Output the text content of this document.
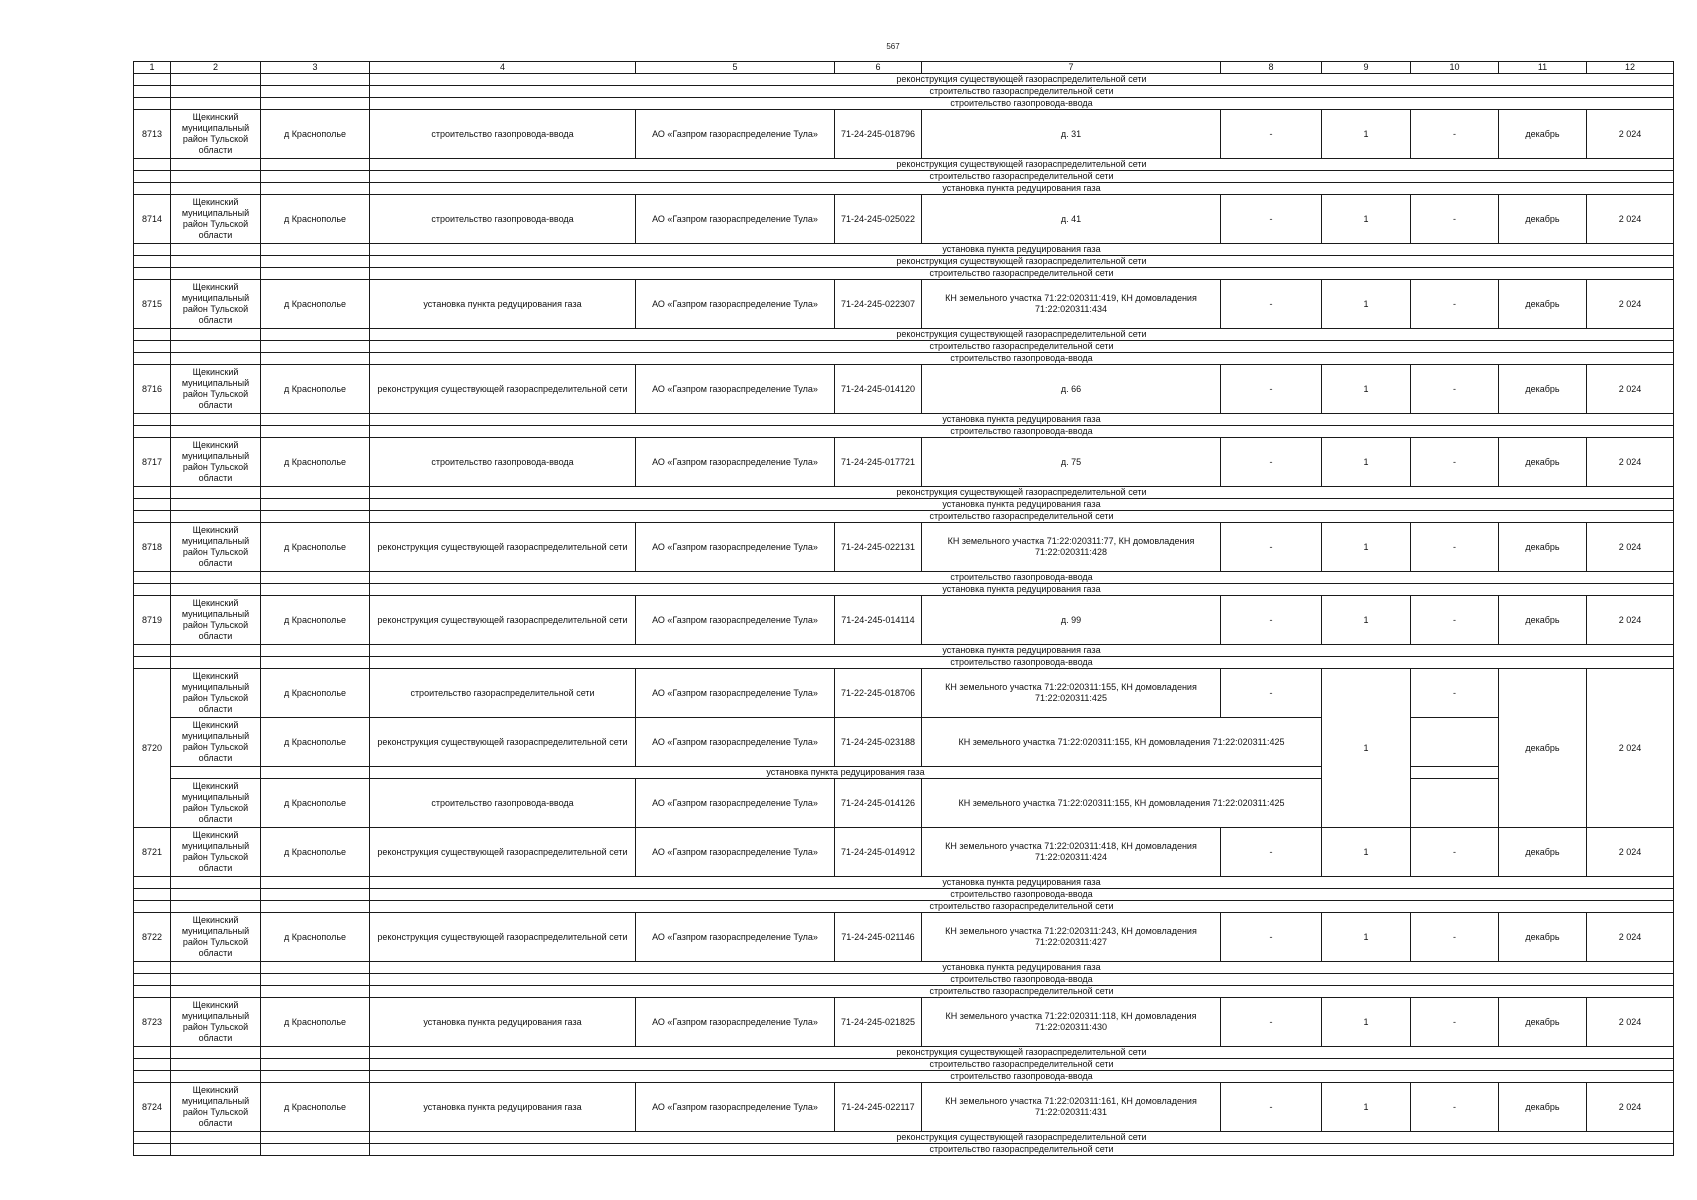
567
1	2	3	4	5	6	7	8	9	10	11	12
			реконструкция существующей газораспределительной сети								
			строительство газораспределительной сети								
			строительство газопровода-ввода								
8713	Щекинский муниципальный район Тульской области	д Краснополье	строительство газопровода-ввода	АО «Газпром газораспределение Тула»	71-24-245-018796	д. 31	-	1	-	декабрь	2 024
			реконструкция существующей газораспределительной сети								
			строительство газораспределительной сети								
			установка пункта редуцирования газа								
8714	Щекинский муниципальный район Тульской области	д Краснополье	строительство газопровода-ввода	АО «Газпром газораспределение Тула»	71-24-245-025022	д. 41	-	1	-	декабрь	2 024
			установка пункта редуцирования газа								
			реконструкция существующей газораспределительной сети								
			строительство газораспределительной сети								
8715	Щекинский муниципальный район Тульской области	д Краснополье	установка пункта редуцирования газа	АО «Газпром газораспределение Тула»	71-24-245-022307	КН земельного участка 71:22:020311:419, КН домовладения 71:22:020311:434	-	1	-	декабрь	2 024
			реконструкция существующей газораспределительной сети								
			строительство газораспределительной сети								
			строительство газопровода-ввода								
8716	Щекинский муниципальный район Тульской области	д Краснополье	реконструкция существующей газораспределительной сети	АО «Газпром газораспределение Тула»	71-24-245-014120	д. 66	-	1	-	декабрь	2 024
			установка пункта редуцирования газа								
			строительство газопровода-ввода								
8717	Щекинский муниципальный район Тульской области	д Краснополье	строительство газопровода-ввода	АО «Газпром газораспределение Тула»	71-24-245-017721	д. 75	-	1	-	декабрь	2 024
			реконструкция существующей газораспределительной сети								
			установка пункта редуцирования газа								
			строительство газораспределительной сети								
8718	Щекинский муниципальный район Тульской области	д Краснополье	реконструкция существующей газораспределительной сети	АО «Газпром газораспределение Тула»	71-24-245-022131	КН земельного участка 71:22:020311:77, КН домовладения 71:22:020311:428	-	1	-	декабрь	2 024
			строительство газопровода-ввода								
			установка пункта редуцирования газа								
8719	Щекинский муниципальный район Тульской области	д Краснополье	реконструкция существующей газораспределительной сети	АО «Газпром газораспределение Тула»	71-24-245-014114	д. 99	-	1	-	декабрь	2 024
			установка пункта редуцирования газа								
			строительство газопровода-ввода								
8720	Щекинский муниципальный район Тульской области	д Краснополье	строительство газораспределительной сети	АО «Газпром газораспределение Тула»	71-22-245-018706	КН земельного участка 71:22:020311:155, КН домовладения 71:22:020311:425	-	1	-	декабрь	2 024
	Щекинский муниципальный район Тульской области	д Краснополье	реконструкция существующей газораспределительной сети	АО «Газпром газораспределение Тула»	71-24-245-023188	КН земельного участка 71:22:020311:155, КН домовладения 71:22:020311:425					
			установка пункта редуцирования газа								
	Щекинский муниципальный район Тульской области	д Краснополье	строительство газопровода-ввода	АО «Газпром газораспределение Тула»	71-24-245-014126	КН земельного участка 71:22:020311:155, КН домовладения 71:22:020311:425					
8721	Щекинский муниципальный район Тульской области	д Краснополье	реконструкция существующей газораспределительной сети	АО «Газпром газораспределение Тула»	71-24-245-014912	КН земельного участка 71:22:020311:418, КН домовладения 71:22:020311:424	-	1	-	декабрь	2 024
			установка пункта редуцирования газа								
			строительство газопровода-ввода								
			строительство газораспределительной сети								
8722	Щекинский муниципальный район Тульской области	д Краснополье	реконструкция существующей газораспределительной сети	АО «Газпром газораспределение Тула»	71-24-245-021146	КН земельного участка 71:22:020311:243, КН домовладения 71:22:020311:427	-	1	-	декабрь	2 024
			установка пункта редуцирования газа								
			строительство газопровода-ввода								
			строительство газораспределительной сети								
8723	Щекинский муниципальный район Тульской области	д Краснополье	установка пункта редуцирования газа	АО «Газпром газораспределение Тула»	71-24-245-021825	КН земельного участка 71:22:020311:118, КН домовладения 71:22:020311:430	-	1	-	декабрь	2 024
			реконструкция существующей газораспределительной сети								
			строительство газораспределительной сети								
			строительство газопровода-ввода								
8724	Щекинский муниципальный район Тульской области	д Краснополье	установка пункта редуцирования газа	АО «Газпром газораспределение Тула»	71-24-245-022117	КН земельного участка 71:22:020311:161, КН домовладения 71:22:020311:431	-	1	-	декабрь	2 024
			реконструкция существующей газораспределительной сети								
			строительство газораспределительной сети								
